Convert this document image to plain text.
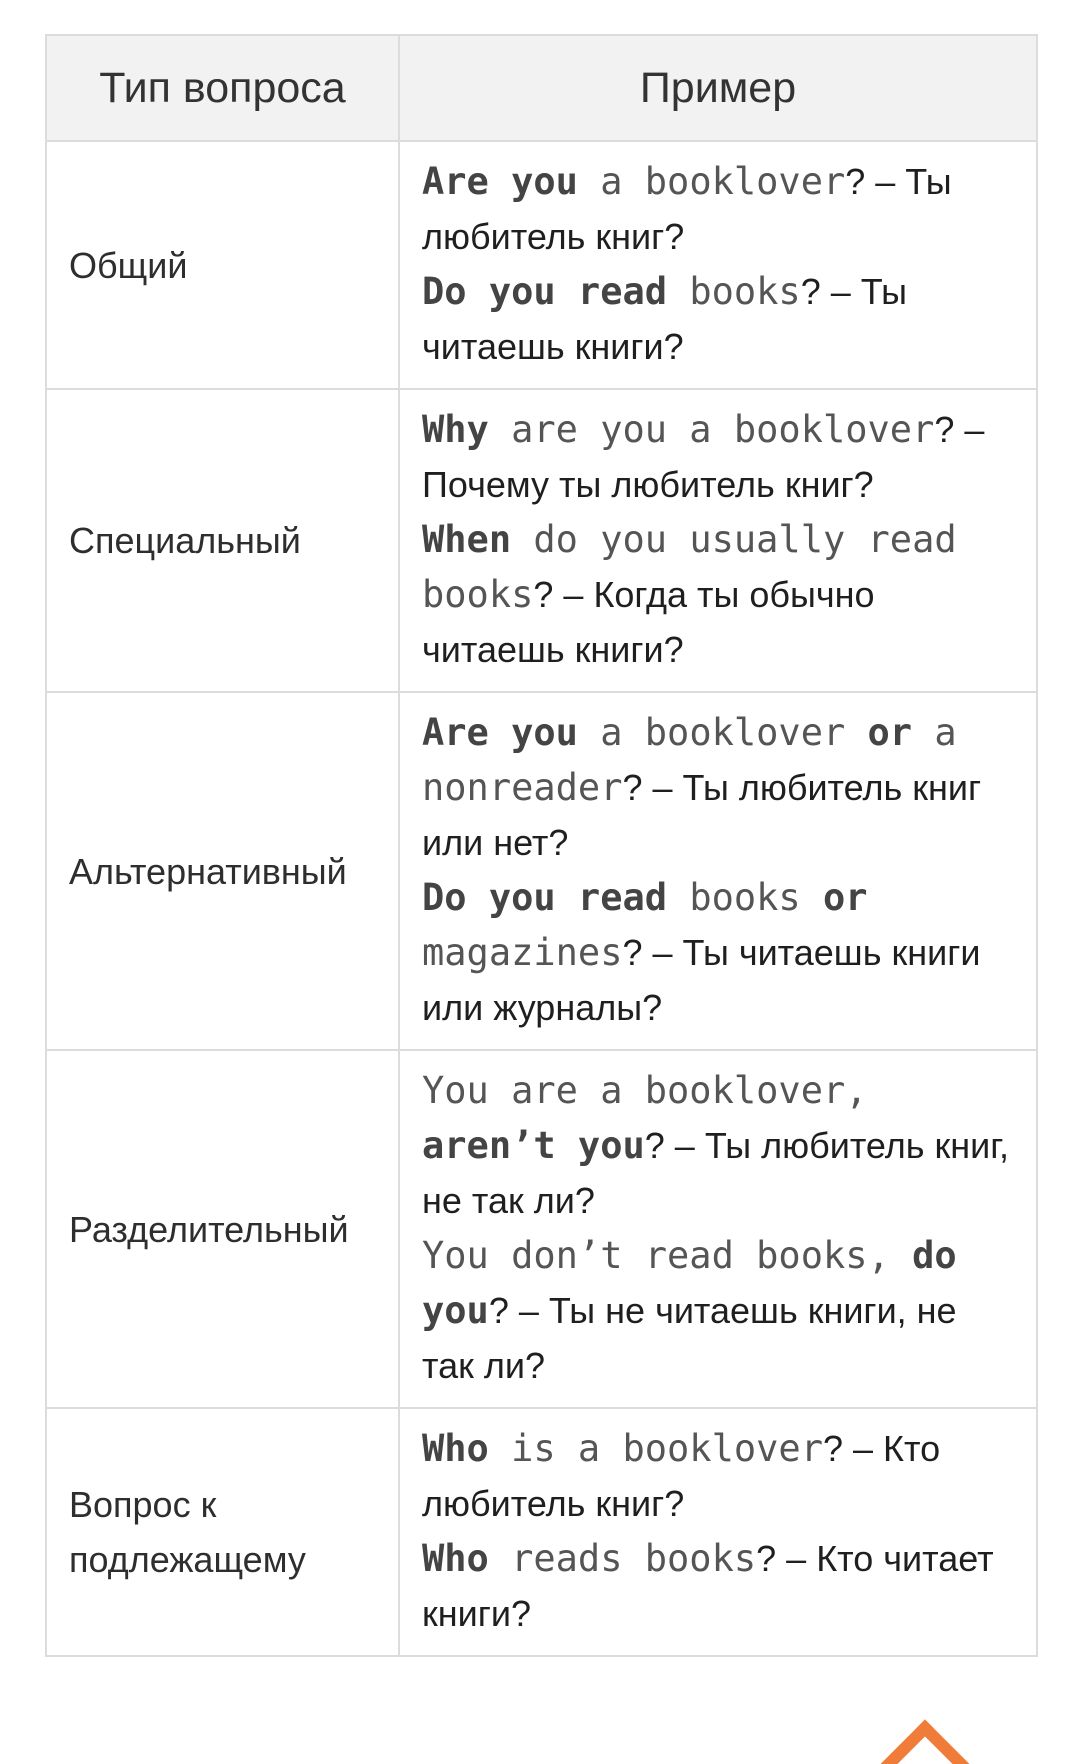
Тип вопроса	Пример
Общий	Are you a booklover? – Ты любитель книг?
Do you read books? – Ты читаешь книги?

Специальный	Why are you a booklover? – Почему ты любитель книг?
When do you usually read books? – Когда ты обычно читаешь книги?

Альтернативный	Are you a booklover or a nonreader? – Ты любитель книг или нет?
Do you read books or magazines? – Ты читаешь книги или журналы?

Разделительный	You are a booklover, aren’t you? – Ты любитель книг, не так ли?
You don’t read books, do you? – Ты не читаешь книги, не так ли?

Вопрос к подлежащему	Who is a booklover? – Кто любитель книг?
Who reads books? – Кто читает книги?
